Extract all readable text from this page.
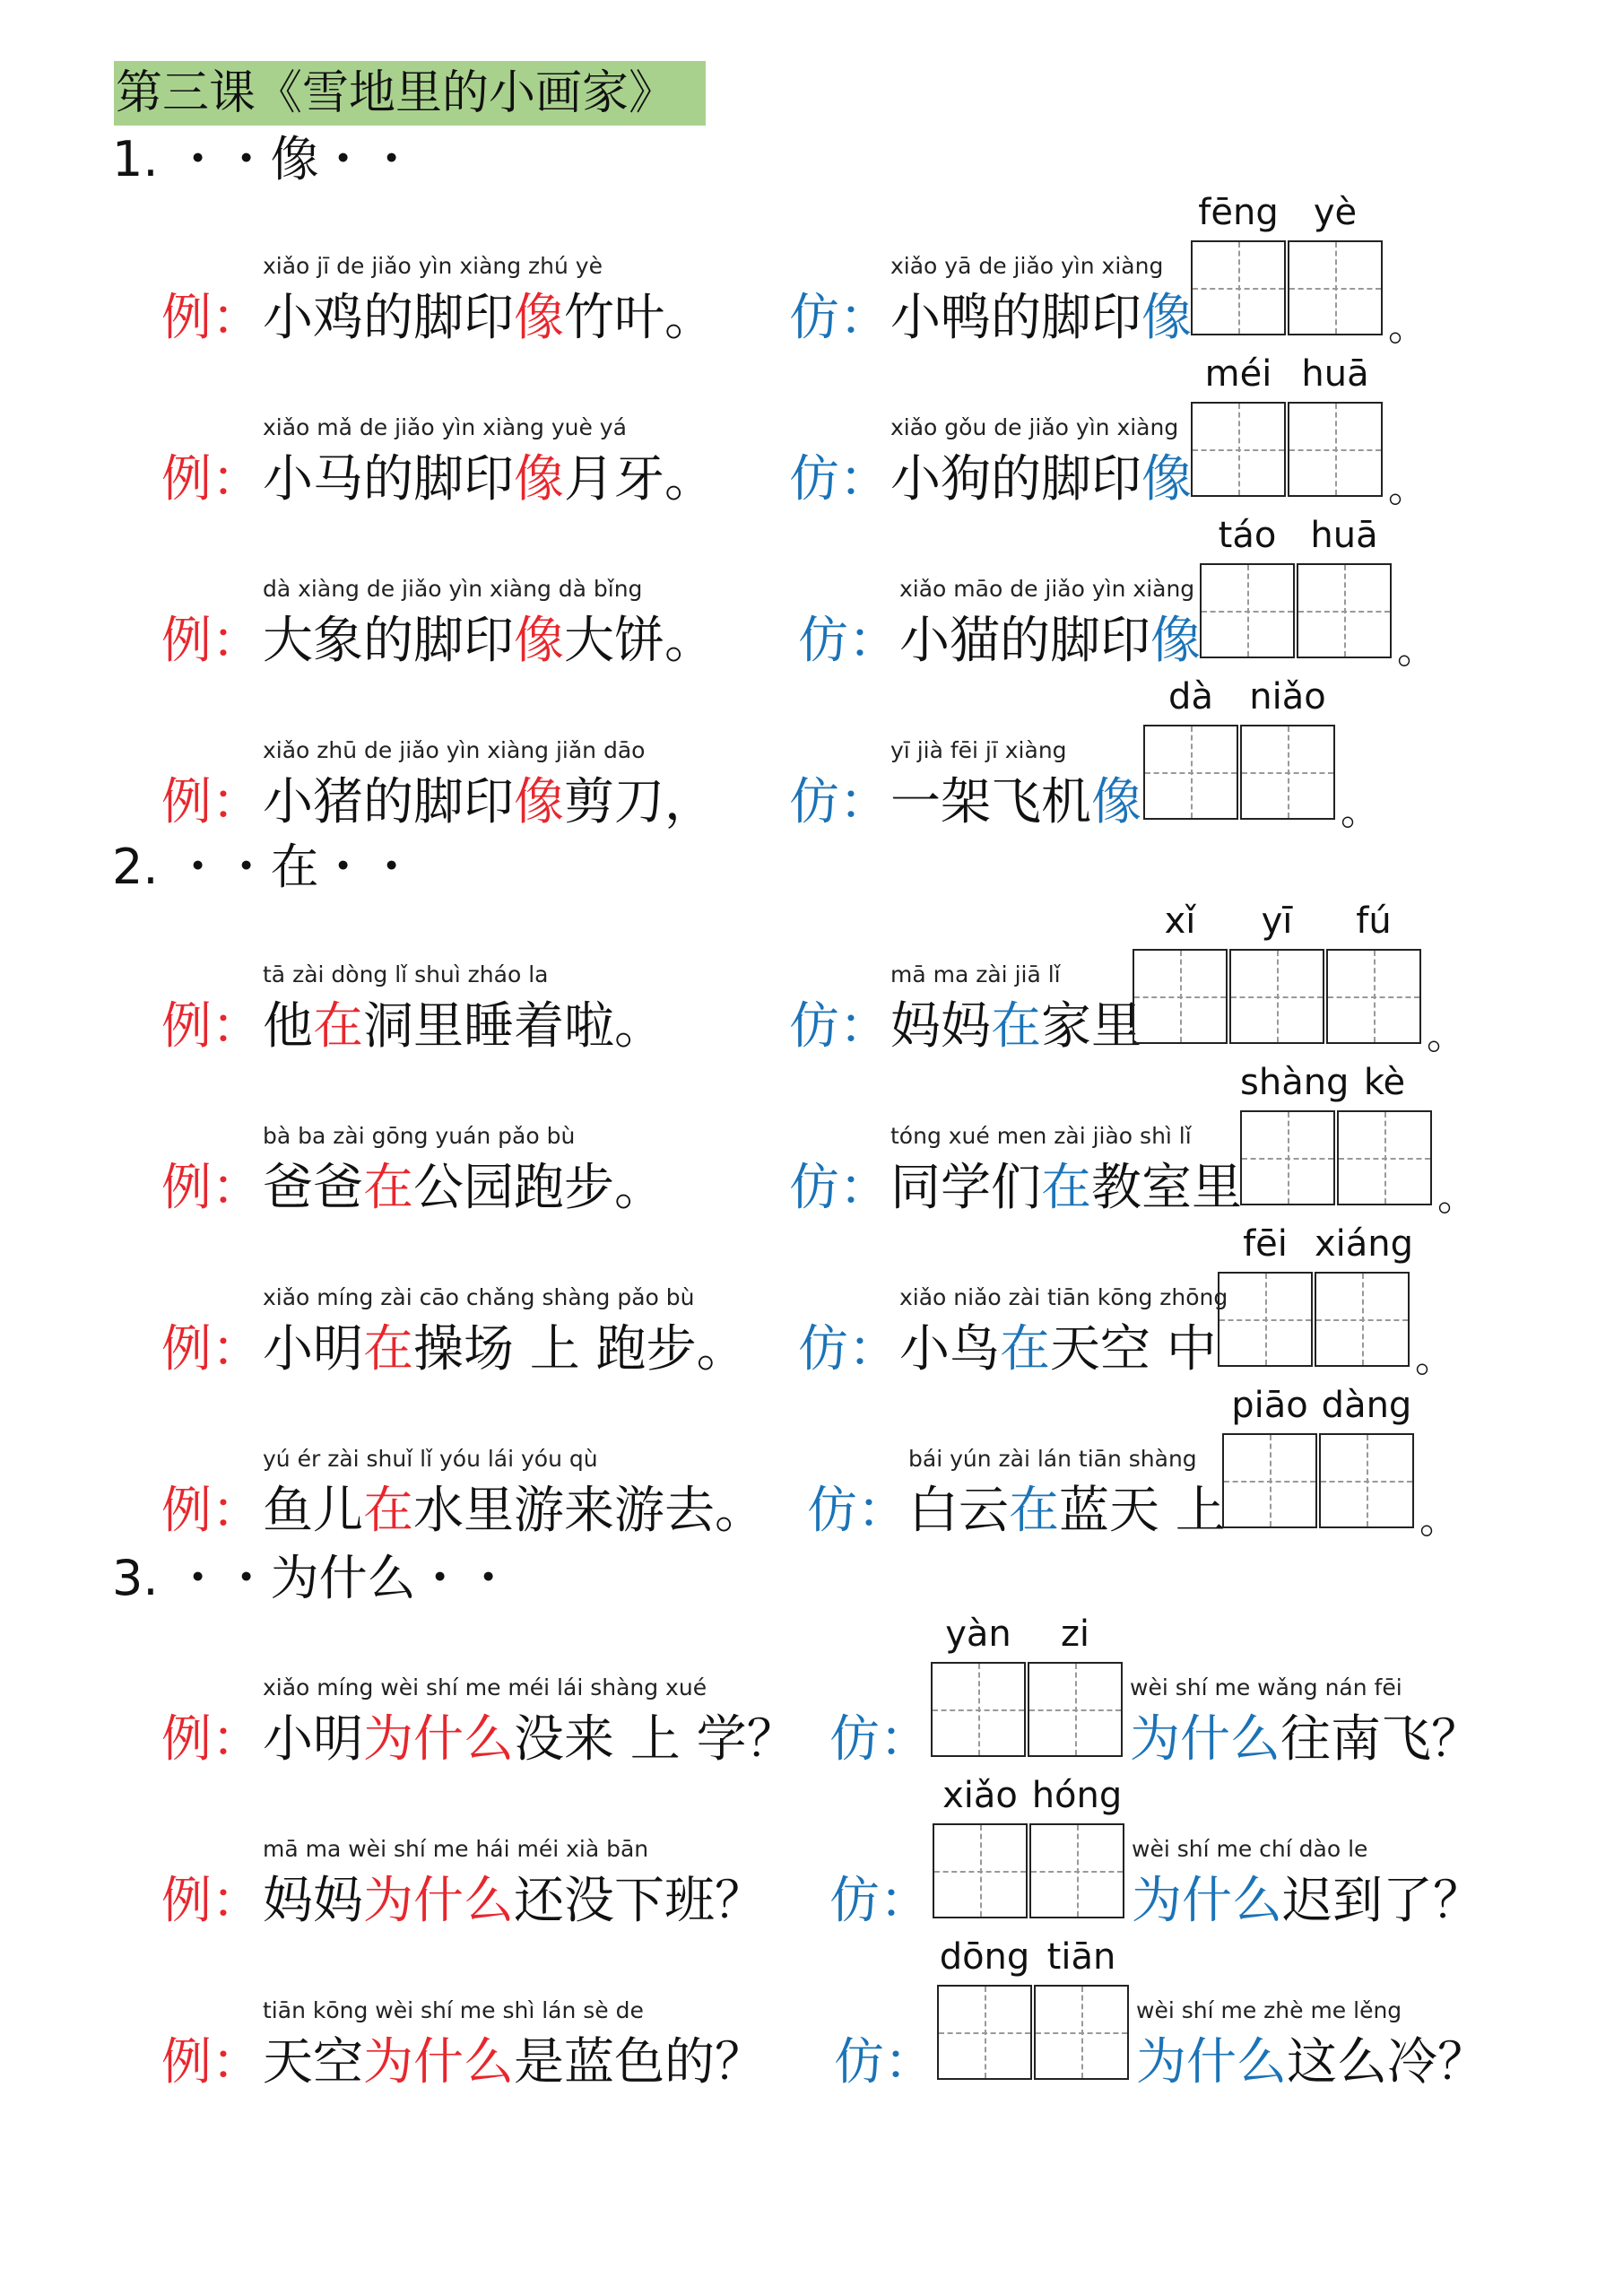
第三课《雪地里的小画家》
1. ・・像・・
例：
xiǎo jī de jiǎo yìn xiàng zhú yè
小鸡的脚印像竹叶。 仿：
xiǎo yā de jiǎo yìn xiàng
小鸭的脚印像
fēng yè
。
例：
xiǎo mǎ de jiǎo yìn xiàng yuè yá
小马的脚印像月牙。 仿：
xiǎo gǒu de jiǎo yìn xiàng
小狗的脚印像
méi huā
。
例：
dà xiàng de jiǎo yìn xiàng dà bǐng
大象的脚印像大饼。 仿：
xiǎo māo de jiǎo yìn xiàng
小猫的脚印像
táo huā
。
例：
xiǎo zhū de jiǎo yìn xiàng jiǎn dāo
小猪的脚印像剪刀， 仿：
yī jià fēi jī xiàng
一架飞机像
dà	niǎo
。
2. ・・在・・
例：
tā zài dòng lǐ shuì zháo la
他在洞里睡着啦。 仿：
mā ma zài jiā lǐ
妈妈在家里
xǐ	yī	fú
。
例：
bà ba zài gōng yuán pǎo bù
爸爸在公园跑步。 仿：
tóng xué men zài jiào shì lǐ
同学们在教室里
shàng kè
。
例：
xiǎo míng zài cāo chǎng shàng pǎo bù
小明在操场 上 跑步。 仿：
xiǎo niǎo zài tiān kōng zhōng
小鸟在天空 中
fēi xiáng
。
例：
yú ér zài shuǐ lǐ yóu lái yóu qù
鱼儿在水里游来游去。 仿：
bái yún zài lán tiān shàng
白云在蓝天 上
piāo dàng
。
3. ・・为什么・・
例：
xiǎo míng wèi shí me méi lái shàng xué
小明为什么没来 上 学？ 仿：
yàn	zi
wèi shí me wǎng nán fēi
为什么往南飞？
例：
mā ma wèi shí me hái méi xià bān
妈妈为什么还没下班？ 仿：
xiǎo hóng
wèi shí me chí dào le
为什么迟到了？
例：
tiān kōng wèi shí me shì lán sè de
天空为什么是蓝色的？ 仿：
dōng tiān
wèi shí me zhè me lěng
为什么这么冷？
